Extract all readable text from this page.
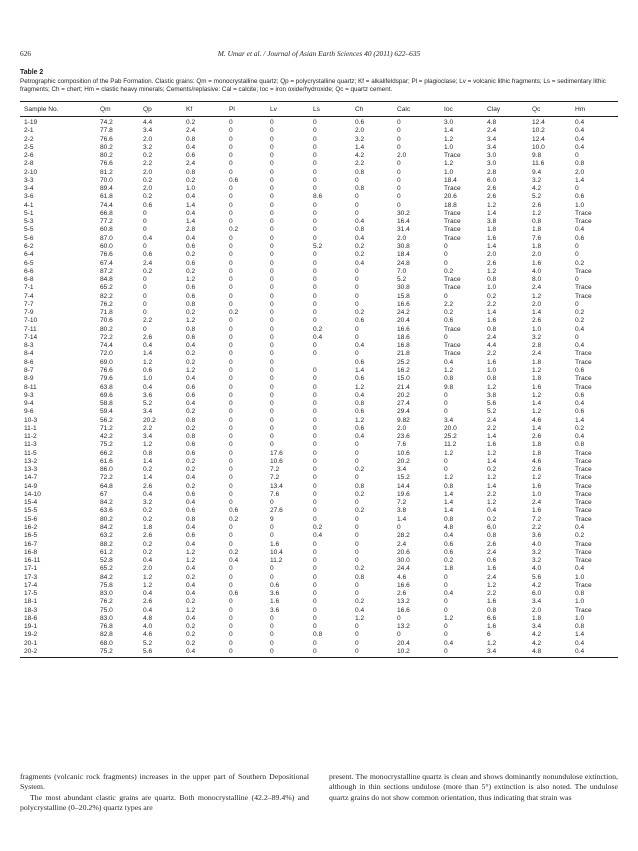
626	M. Umar et al. / Journal of Asian Earth Sciences 40 (2011) 622–635
Table 2
Petrographic composition of the Pab Formation. Clastic grains: Qm = monocrystalline quartz; Qp = polycrystalline quartz; Kf = alkalifeldspar; Pl = plagioclase; Lv = volcanic lithic fragments; Ls = sedimentary lithic fragments; Ch = chert; Hm = clastic heavy minerals; Cements/replasive: Cal = calcite; Ioc = iron oxide/hydroxide; Qc = quartz cement.
Sample No.	Qm	Qp	Kf	Pl	Lv	Ls	Ch	Calc	Ioc	Clay	Qc	Hm
1-19	74.2	4.4	0.2	0	0	0	0.6	0	3.0	4.8	12.4	0.4
2-1	77.8	3.4	2.4	0	0	0	2.0	0	1.4	2.4	10.2	0.4
2-2	76.6	2.0	0.8	0	0	0	3.2	0	1.2	3.4	12.4	0.4
2-5	80.2	3.2	0.4	0	0	0	1.4	0	1.0	3.4	10.0	0.4
2-6	80.2	0.2	0.6	0	0	0	4.2	2.0	Trace	3.0	9.8	0
2-8	76.6	2.2	2.4	0	0	0	2.2	0	1.2	3.0	11.6	0.8
2-10	81.2	2.0	0.8	0	0	0	0.8	0	1.0	2.8	9.4	2.0
3-3	70.0	0.2	0.2	0.6	0	0	0	0	18.4	6.0	3.2	1.4
3-4	89.4	2.0	1.0	0	0	0	0.8	0	Trace	2.6	4.2	0
3-6	61.8	0.2	0.4	0	0	8.6	0	0	20.6	2.6	5.2	0.6
4-1	74.4	0.6	1.4	0	0	0	0	0	18.8	1.2	2.6	1.0
5-1	66.8	0	0.4	0	0	0	0	30.2	Trace	1.4	1.2	Trace
5-3	77.2	0	1.4	0	0	0	0.4	16.4	Trace	3.8	0.8	Trace
5-5	60.8	0	2.8	0.2	0	0	0.8	31.4	Trace	1.8	1.8	0.4
5-6	87.0	0.4	0.4	0	0	0	0.4	2.0	Trace	1.6	7.6	0.6
6-2	60.0	0	0.6	0	0	5.2	0.2	30.8	0	1.4	1.8	0
6-4	76.6	0.6	0.2	0	0	0	0.2	18.4	0	2.0	2.0	0
6-5	67.4	2.4	0.6	0	0	0	0.4	24.8	0	2.6	1.6	0.2
6-6	87.2	0.2	0.2	0	0	0	0	7.0	0.2	1.2	4.0	Trace
6-8	84.8	0	1.2	0	0	0	0	5.2	Trace	0.8	8.0	0
7-1	65.2	0	0.6	0	0	0	0	30.8	Trace	1.0	2.4	Trace
7-4	82.2	0	0.6	0	0	0	0	15.8	0	0.2	1.2	Trace
7-7	76.2	0	0.8	0	0	0	0	16.6	2.2	2.2	2.0	0
7-9	71.8	0	0.2	0.2	0	0	0.2	24.2	0.2	1.4	1.4	0.2
7-10	70.6	2.2	1.2	0	0	0	0.6	20.4	0.6	1.6	2.6	0.2
7-11	80.2	0	0.8	0	0	0.2	0	16.6	Trace	0.8	1.0	0.4
7-14	72.2	2.6	0.6	0	0	0.4	0	18.6	0	2.4	3.2	0
8-3	74.4	0.4	0.4	0	0	0	0.4	16.8	Trace	4.4	2.8	0.4
8-4	72.0	1.4	0.2	0	0	0	0	21.8	Trace	2.2	2.4	Trace
8-6	69.0	1.2	0.2	0	0		0.6	25.2	0.4	1.6	1.8	Trace
8-7	76.6	0.6	1.2	0	0	0	1.4	16.2	1.2	1.0	1.2	0.6
8-9	79.6	1.0	0.4	0	0	0	0.6	15.0	0.8	0.8	1.8	Trace
8-11	63.8	0.4	0.6	0	0	0	1.2	21.4	9.8	1.2	1.6	Trace
9-3	69.6	3.6	0.6	0	0	0	0.4	20.2	0	3.8	1.2	0.6
9-4	58.8	5.2	0.4	0	0	0	0.8	27.4	0	5.6	1.4	0.4
9-6	59.4	3.4	0.2	0	0	0	0.6	29.4	0	5.2	1.2	0.6
10-3	56.2	20.2	0.8	0	0	0	1.2	9.82	3.4	2.4	4.6	1.4
11-1	71.2	2.2	0.2	0	0	0	0.6	2.0	20.0	2.2	1.4	0.2
11-2	42.2	3.4	0.8	0	0	0	0.4	23.6	25.2	1.4	2.6	0.4
11-3	75.2	1.2	0.6	0	0	0	0	7.6	11.2	1.6	1.8	0.8
11-5	66.2	0.8	0.6	0	17.6	0	0	10.6	1.2	1.2	1.8	Trace
13-2	61.6	1.4	0.2	0	10.6	0	0	20.2	0	1.4	4.6	Trace
13-3	86.0	0.2	0.2	0	7.2	0	0.2	3.4	0	0.2	2.6	Trace
14-7	72.2	1.4	0.4	0	7.2	0	0	15.2	1.2	1.2	1.2	Trace
14-9	64.8	2.6	0.2	0	13.4	0	0.8	14.4	0.8	1.4	1.6	Trace
14-10	67	0.4	0.6	0	7.6	0	0.2	19.6	1.4	2.2	1.0	Trace
15-4	84.2	3.2	0.4	0	0	0	0	7.2	1.4	1.2	2.4	Trace
15-5	63.6	0.2	0.6	0.6	27.6	0	0.2	3.8	1.4	0.4	1.6	Trace
15-6	80.2	0.2	0.8	0.2	9	0	0	1.4	0.8	0.2	7.2	Trace
16-2	84.2	1.8	0.4	0	0	0.2	0	0	4.8	6.0	2.2	0.4
16-5	63.2	2.6	0.6	0	0	0.4	0	28.2	0.4	0.8	3.6	0.2
16-7	88.2	0.2	0.4	0	1.6	0	0	2.4	0.6	2.6	4.0	Trace
16-8	61.2	0.2	1.2	0.2	10.4	0	0	20.6	0.6	2.4	3.2	Trace
16-11	52.8	0.4	1.2	0.4	11.2	0	0	30.0	0.2	0.6	3.2	Trace
17-1	65.2	2.0	0.4	0	0	0	0.2	24.4	1.8	1.6	4.0	0.4
17-3	84.2	1.2	0.2	0	0	0	0.8	4.6	0	2.4	5.6	1.0
17-4	75.8	1.2	0.4	0	0.6	0	0	16.6	0	1.2	4.2	Trace
17-5	83.0	0.4	0.4	0.6	3.6	0	0	2.6	0.4	2.2	6.0	0.8
18-1	76.2	2.6	0.2	0	1.6	0	0.2	13.2	0	1.6	3.4	1.0
18-3	75.0	0.4	1.2	0	3.6	0	0.4	16.6	0	0.8	2.0	Trace
18-6	83.0	4.8	0.4	0	0	0	1.2	0	1.2	6.6	1.8	1.0
19-1	76.8	4.0	0.2	0	0	0	0	13.2	0	1.6	3.4	0.8
19-2	82.8	4.6	0.2	0	0	0.8	0	0	0	6	4.2	1.4
20-1	68.0	5.2	0.2	0	0	0	0	20.4	0.4	1.2	4.2	0.4
20-2	75.2	5.6	0.4	0	0	0	0	10.2	0	3.4	4.8	0.4
fragments (volcanic rock fragments) increases in the upper part of Southern Depositional System.
The most abundant clastic grains are quartz. Both monocrystalline (42.2–89.4%) and polycrystalline (0–20.2%) quartz types are
present. The monocrystalline quartz is clean and shows dominantly nonundulose extinction, although in thin sections undulose (more than 5°) extinction is also noted. The undulose quartz grains do not show common orientation, thus indicating that strain was
